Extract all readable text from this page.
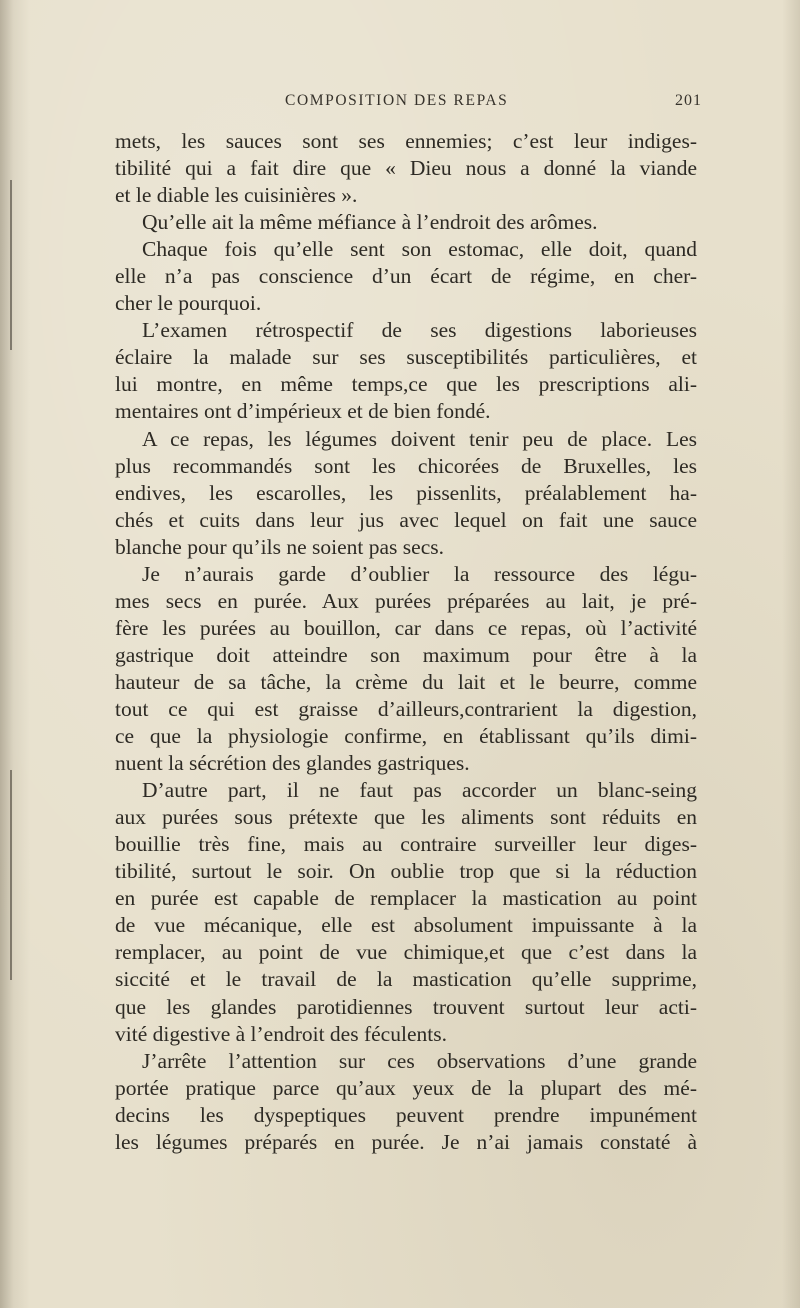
COMPOSITION DES REPAS	201
mets, les sauces sont ses ennemies; c’est leur indiges-
tibilité qui a fait dire que « Dieu nous a donné la viande
et le diable les cuisinières ».
Qu’elle ait la même méfiance à l’endroit des arômes.
Chaque fois qu’elle sent son estomac, elle doit, quand
elle n’a pas conscience d’un écart de régime, en cher-
cher le pourquoi.
L’examen rétrospectif de ses digestions laborieuses
éclaire la malade sur ses susceptibilités particulières, et
lui montre, en même temps,ce que les prescriptions ali-
mentaires ont d’impérieux et de bien fondé.
A ce repas, les légumes doivent tenir peu de place. Les
plus recommandés sont les chicorées de Bruxelles, les
endives, les escarolles, les pissenlits, préalablement ha-
chés et cuits dans leur jus avec lequel on fait une sauce
blanche pour qu’ils ne soient pas secs.
Je n’aurais garde d’oublier la ressource des légu-
mes secs en purée. Aux purées préparées au lait, je pré-
fère les purées au bouillon, car dans ce repas, où l’activité
gastrique doit atteindre son maximum pour être à la
hauteur de sa tâche, la crème du lait et le beurre, comme
tout ce qui est graisse d’ailleurs,contrarient la digestion,
ce que la physiologie confirme, en établissant qu’ils dimi-
nuent la sécrétion des glandes gastriques.
D’autre part, il ne faut pas accorder un blanc-seing
aux purées sous prétexte que les aliments sont réduits en
bouillie très fine, mais au contraire surveiller leur diges-
tibilité, surtout le soir. On oublie trop que si la réduction
en purée est capable de remplacer la mastication au point
de vue mécanique, elle est absolument impuissante à la
remplacer, au point de vue chimique,et que c’est dans la
siccité et le travail de la mastication qu’elle supprime,
que les glandes parotidiennes trouvent surtout leur acti-
vité digestive à l’endroit des féculents.
J’arrête l’attention sur ces observations d’une grande
portée pratique parce qu’aux yeux de la plupart des mé-
decins les dyspeptiques peuvent prendre impunément
les légumes préparés en purée. Je n’ai jamais constaté à
